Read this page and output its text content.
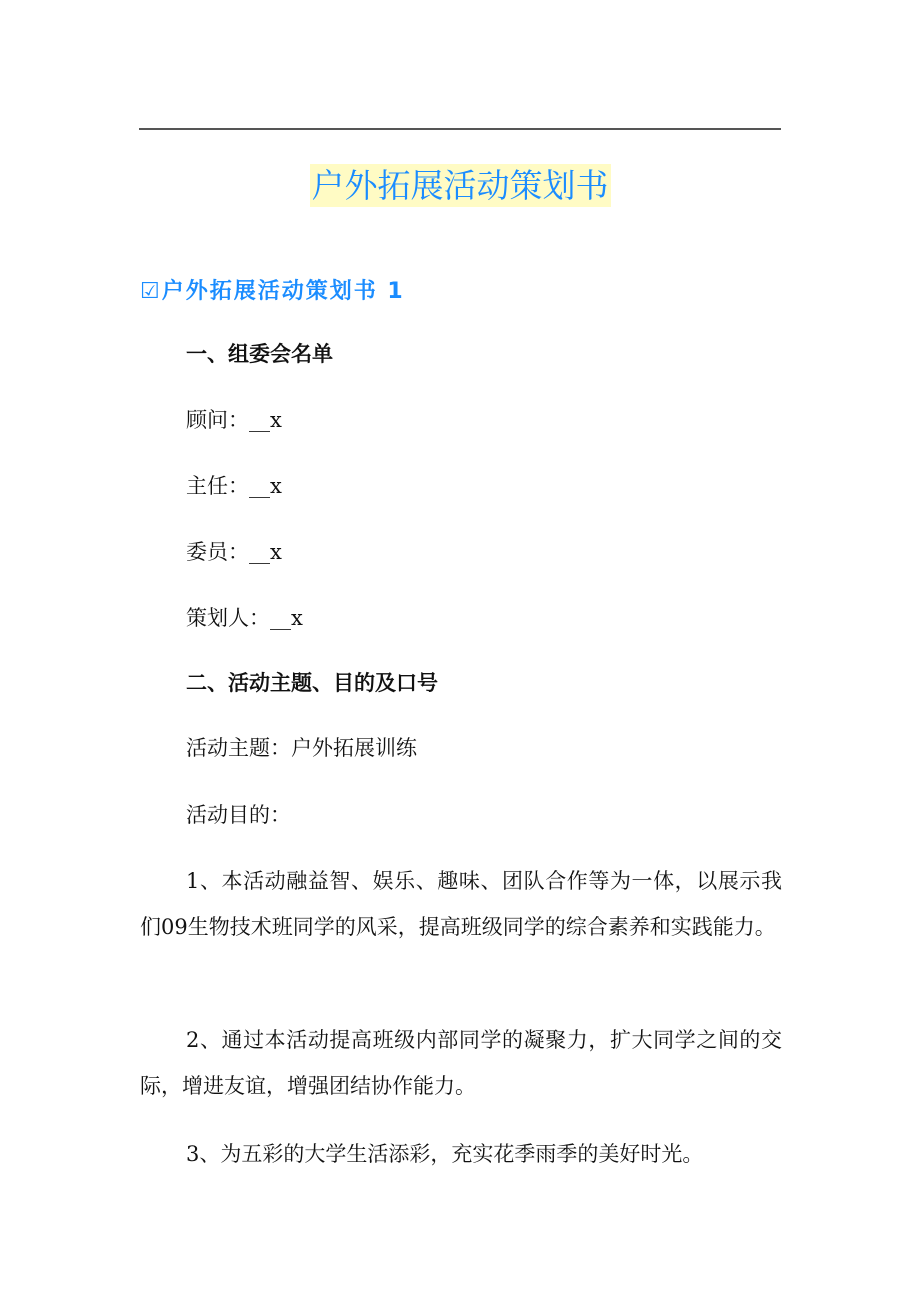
户外拓展活动策划书
☑户外拓展活动策划书 1
一、组委会名单
顾问：__x
主任：__x
委员：__x
策划人：__x
二、活动主题、目的及口号
活动主题：户外拓展训练
活动目的：
1、本活动融益智、娱乐、趣味、团队合作等为一体，以展示我们09生物技术班同学的风采，提高班级同学的综合素养和实践能力。
2、通过本活动提高班级内部同学的凝聚力，扩大同学之间的交际，增进友谊，增强团结协作能力。
3、为五彩的大学生活添彩，充实花季雨季的美好时光。
